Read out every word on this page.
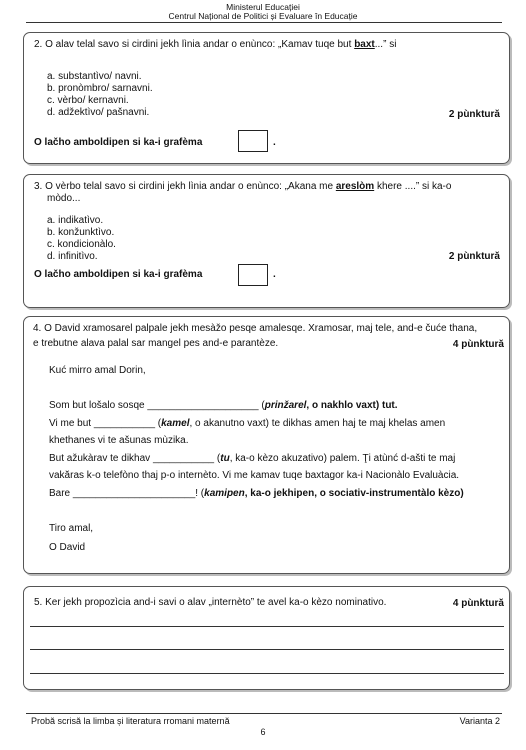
Ministerul Educației
Centrul Național de Politici și Evaluare în Educație
2. O alav telal savo si cirdini jekh lìnia andar o enùnco: „Kamav tuqe but baxt...” si
a. substantìvo/ navni.
b. pronòmbro/ sarnavni.
c. vèrbo/ kernavni.
d. adžektìvo/ pašnavni.	2 pùnktură
O lačho amboldipen si ka-i grafèma	.
3. O vèrbo telal savo si cirdini jekh lìnia andar o enùnco: „Akana me areslòm khere ....” si ka-o
mòdo...
a. indikatìvo.
b. konžunktìvo.
c. kondicionàlo.
d. infinitìvo.	2 pùnktură
O lačho amboldipen si ka-i grafèma	.
4. O David xramosarel palpale jekh mesàžo pesqe amalesqe. Xramosar, maj tele, and-e čuće thana,
e trebutne alava palal sar mangel pes and-e parantèze.	4 pùnktură
Kuć mirro amal Dorin,
Som but lošalo sosqe ____________________ (prinžarel, o nakhlo vaxt) tut.
Vi me but ___________ (kamel, o akanutno vaxt) te dikhas amen haj te maj khelas amen
khethanes vi te ašunas mùzika.
But ažukàrav te dikhav ___________ (tu, ka-o kèzo akuzativo) palem. Ţi atùnć d-ašti te maj
vakăras k-o telefòno thaj p-o internèto. Vi me kamav tuqe baxtagor ka-i Nacionàlo Evaluàcia.
Bare ______________________! (kamipen, ka-o jekhipen, o sociativ-instrumentàlo kèzo)
Tiro amal,
O David
5. Ker jekh propozìcia and-i savi o alav „internèto” te avel ka-o kèzo nominativo.	4 pùnktură
Probă scrisă la limba și literatura rromani maternă	Varianta 2
6
